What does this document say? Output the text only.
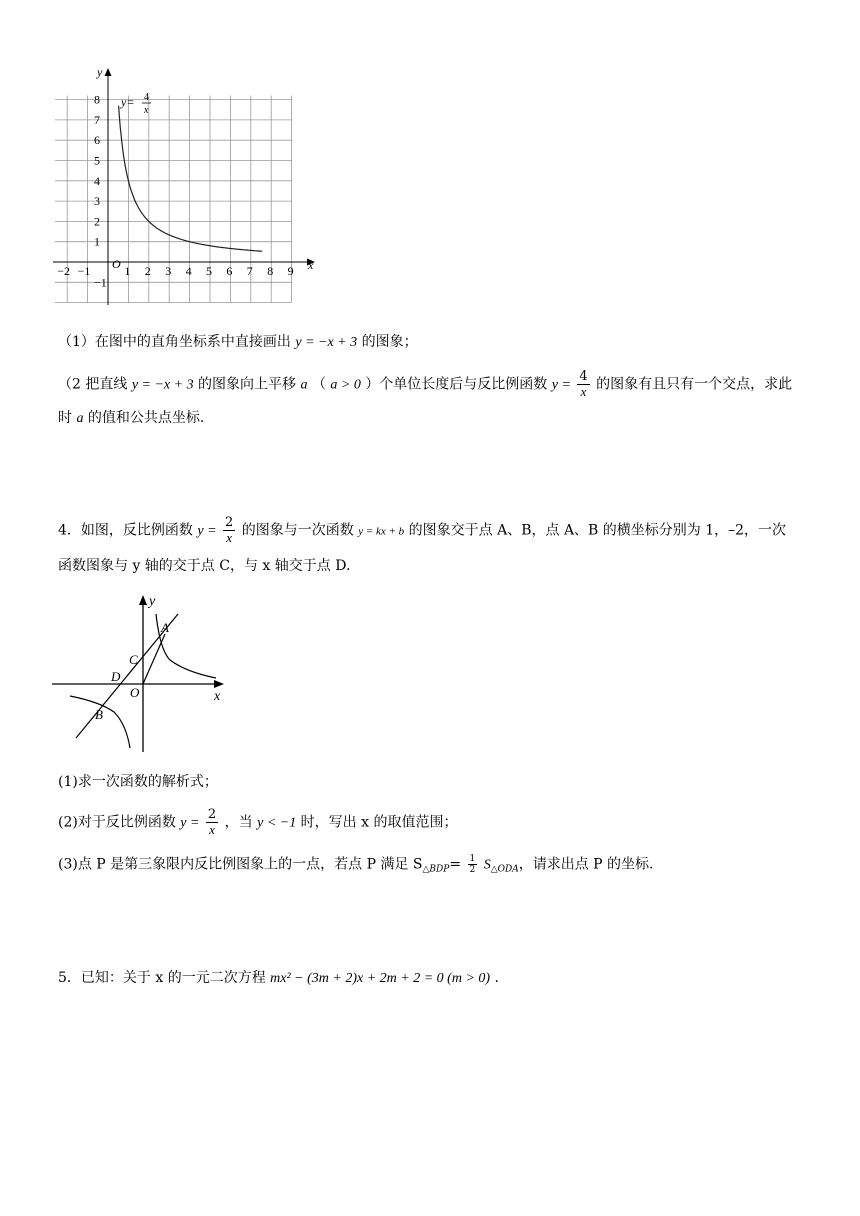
y
x
O
8
7
6
5
4
3
2
1
−1
−2 −1	1 2 3 4 5 6 7 8 9
y= 4
x
（1）在图中的直角坐标系中直接画出 y = −x + 3 的图象；
（2 把直线 y = −x + 3 的图象向上平移 a （ a > 0 ）个单位长度后与反比例函数 $y = \frac{4}{x}$ 的图象有且只有一个交点，求此
时 a 的值和公共点坐标.
4．如图，反比例函数 $y = \frac{2}{x}$ 的图象与一次函数 y = kx + b 的图象交于点 A、B，点 A、B 的横坐标分别为 1，–2，一次
函数图象与 y 轴的交于点 C，与 x 轴交于点 D.
y
x
A
B
C
D
O
(1)求一次函数的解析式；
(2)对于反比例函数 $y = \frac{2}{x}$ ，当 y < −1 时，写出 x 的取值范围；
(3)点 P 是第三象限内反比例图象上的一点，若点 P 满足 $S_{\triangle BDP}= \frac{1}{2} S_{\triangle ODA}$，请求出点 P 的坐标.
5．已知：关于 x 的一元二次方程 mx² − (3m + 2)x + 2m + 2 = 0 (m > 0) .
